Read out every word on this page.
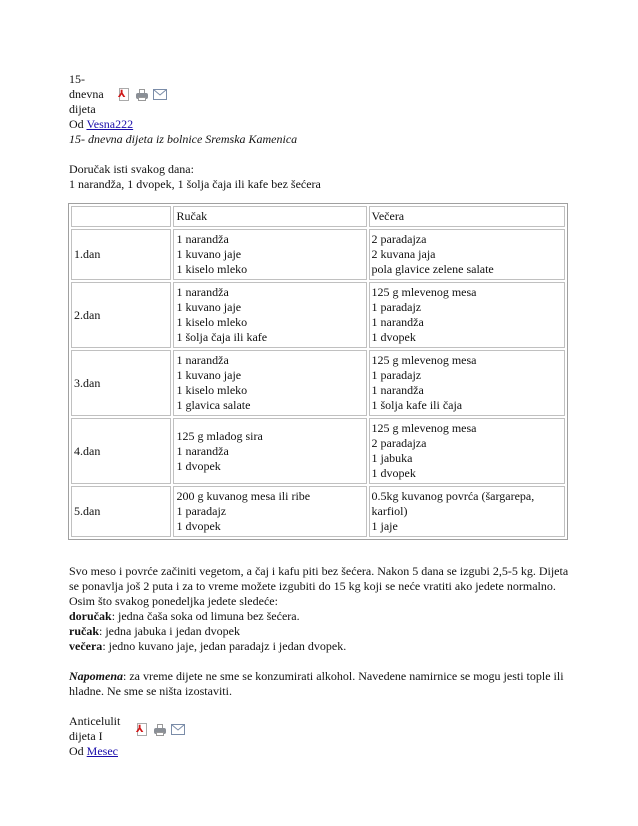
15-
dnevna
dijeta
⅄
Od Vesna222
15- dnevna dijeta iz bolnice Sremska Kamenica
Doručak isti svakog dana:
1 narandža, 1 dvopek, 1 šolja čaja ili kafe bez šećera
	Ručak	Večera
1.dan	1 narandža
1 kuvano jaje
1 kiselo mleko	2 paradajza
2 kuvana jaja
pola glavice zelene salate

2.dan	1 narandža
1 kuvano jaje
1 kiselo mleko
1 šolja čaja ili kafe	125 g mlevenog mesa
1 paradajz
1 narandža
1 dvopek

3.dan	1 narandža
1 kuvano jaje
1 kiselo mleko
1 glavica salate	125 g mlevenog mesa
1 paradajz
1 narandža
1 šolja kafe ili čaja

4.dan	125 g mladog sira
1 narandža
1 dvopek	125 g mlevenog mesa
2 paradajza
1 jabuka
1 dvopek

5.dan	200 g kuvanog mesa ili ribe
1 paradajz
1 dvopek	0.5kg kuvanog povrća (šargarepa, karfiol)
1 jaje
Svo meso i povrće začiniti vegetom, a čaj i kafu piti bez šećera. Nakon 5 dana se izgubi 2,5-5 kg. Dijeta se ponavlja još 2 puta i za to vreme možete izgubiti do 15 kg koji se neće vratiti ako jedete normalno. Osim što svakog ponedeljka jedete sledeće:
doručak: jedna čaša soka od limuna bez šećera.
ručak: jedna jabuka i jedan dvopek
večera: jedno kuvano jaje, jedan paradajz i jedan dvopek.
Napomena: za vreme dijete ne sme se konzumirati alkohol. Navedene namirnice se mogu jesti toplе ili hladne. Ne sme se ništa izostaviti.
Anticelulit
dijeta I	⅄
Od Mesec
